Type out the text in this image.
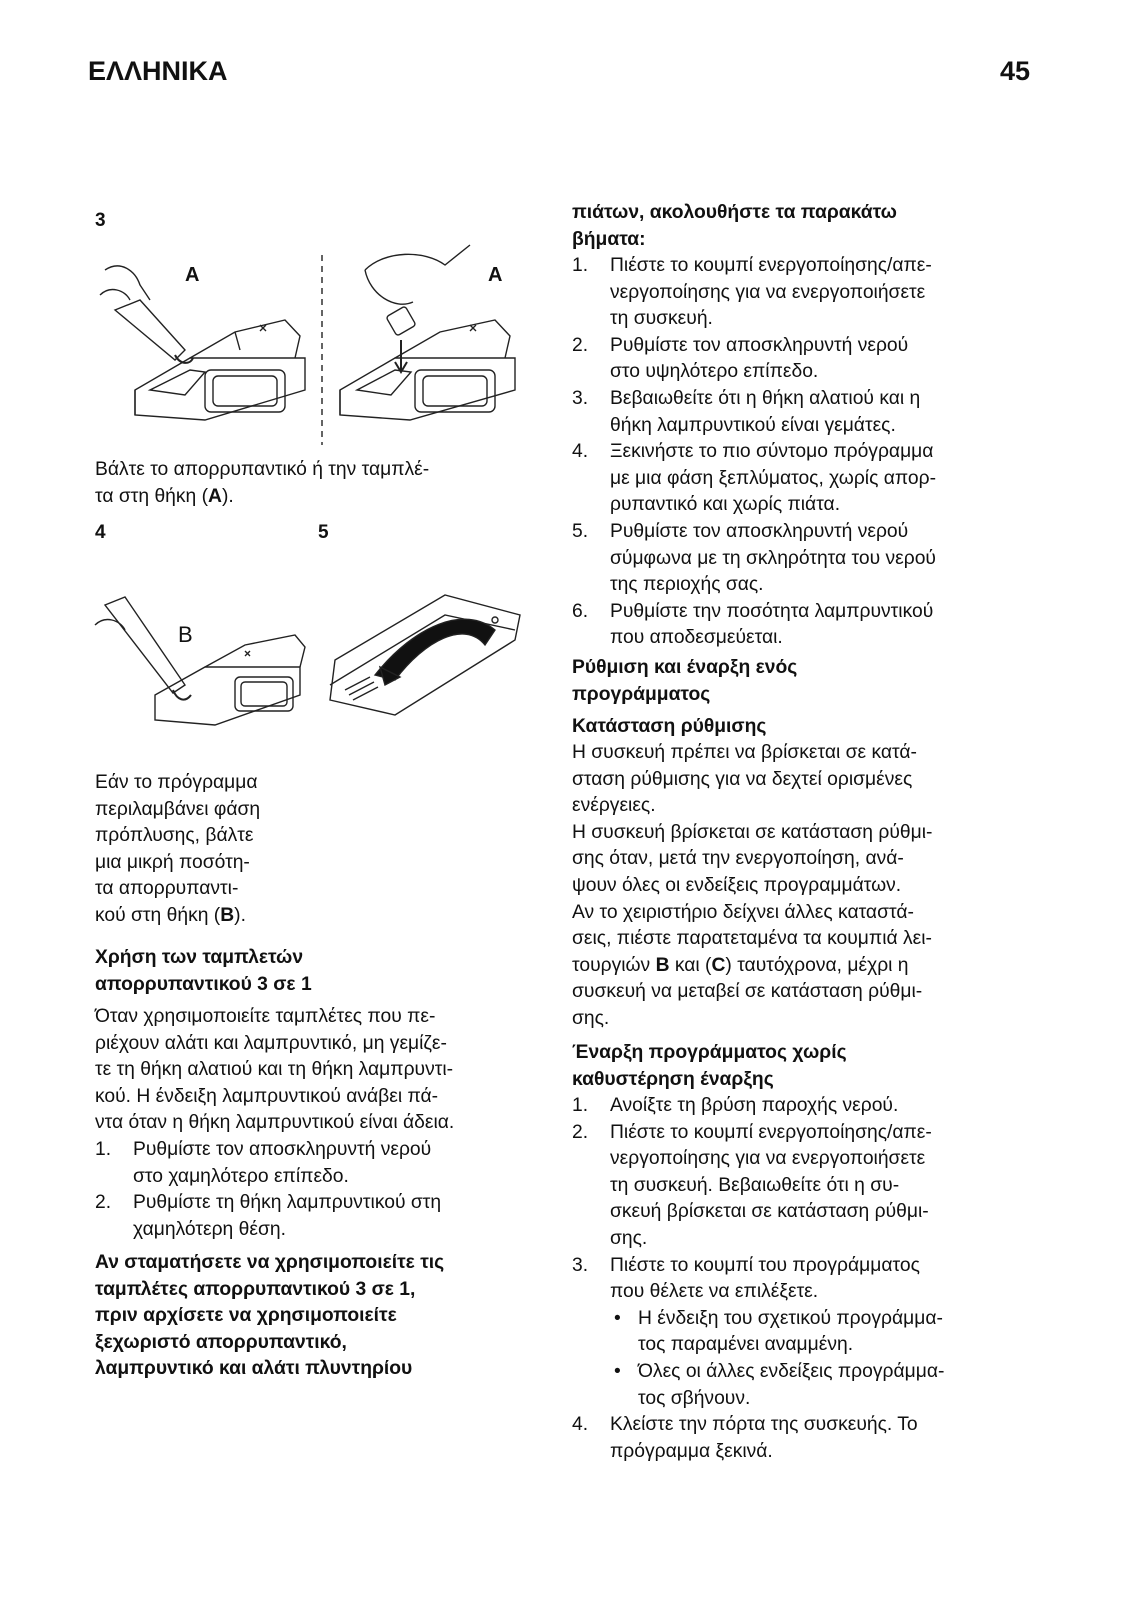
ΕΛΛΗΝΙΚΑ	45
3
A	A
Βάλτε το απορρυπαντικό ή την ταμπλέ-
τα στη θήκη (A).
4	5
B
Εάν το πρόγραμμα
περιλαμβάνει φάση
πρόπλυσης, βάλτε
μια μικρή ποσότη-
τα απορρυπαντι-
κού στη θήκη (B).
Χρήση των ταμπλετών
απορρυπαντικού 3 σε 1
Όταν χρησιμοποιείτε ταμπλέτες που πε-
ριέχουν αλάτι και λαμπρυντικό, μη γεμίζε-
τε τη θήκη αλατιού και τη θήκη λαμπρυντι-
κού. Η ένδειξη λαμπρυντικού ανάβει πά-
ντα όταν η θήκη λαμπρυντικού είναι άδεια.
1. Ρυθμίστε τον αποσκληρυντή νερού
στο χαμηλότερο επίπεδο.
2. Ρυθμίστε τη θήκη λαμπρυντικού στη
χαμηλότερη θέση.
Αν σταματήσετε να χρησιμοποιείτε τις
ταμπλέτες απορρυπαντικού 3 σε 1,
πριν αρχίσετε να χρησιμοποιείτε
ξεχωριστό απορρυπαντικό,
λαμπρυντικό και αλάτι πλυντηρίου
πιάτων, ακολουθήστε τα παρακάτω
βήματα:
1. Πιέστε το κουμπί ενεργοποίησης/απε-
νεργοποίησης για να ενεργοποιήσετε
τη συσκευή.
2. Ρυθμίστε τον αποσκληρυντή νερού
στο υψηλότερο επίπεδο.
3. Βεβαιωθείτε ότι η θήκη αλατιού και η
θήκη λαμπρυντικού είναι γεμάτες.
4. Ξεκινήστε το πιο σύντομο πρόγραμμα
με μια φάση ξεπλύματος, χωρίς απορ-
ρυπαντικό και χωρίς πιάτα.
5. Ρυθμίστε τον αποσκληρυντή νερού
σύμφωνα με τη σκληρότητα του νερού
της περιοχής σας.
6. Ρυθμίστε την ποσότητα λαμπρυντικού
που αποδεσμεύεται.
Ρύθμιση και έναρξη ενός
προγράμματος
Κατάσταση ρύθμισης
Η συσκευή πρέπει να βρίσκεται σε κατά-
σταση ρύθμισης για να δεχτεί ορισμένες
ενέργειες.
Η συσκευή βρίσκεται σε κατάσταση ρύθμι-
σης όταν, μετά την ενεργοποίηση, ανά-
ψουν όλες οι ενδείξεις προγραμμάτων.
Αν το χειριστήριο δείχνει άλλες καταστά-
σεις, πιέστε παρατεταμένα τα κουμπιά λει-
τουργιών B και (C) ταυτόχρονα, μέχρι η
συσκευή να μεταβεί σε κατάσταση ρύθμι-
σης.
Έναρξη προγράμματος χωρίς
καθυστέρηση έναρξης
1. Ανοίξτε τη βρύση παροχής νερού.
2. Πιέστε το κουμπί ενεργοποίησης/απε-
νεργοποίησης για να ενεργοποιήσετε
τη συσκευή. Βεβαιωθείτε ότι η συ-
σκευή βρίσκεται σε κατάσταση ρύθμι-
σης.
3. Πιέστε το κουμπί του προγράμματος
που θέλετε να επιλέξετε.
• Η ένδειξη του σχετικού προγράμμα-
τος παραμένει αναμμένη.
• Όλες οι άλλες ενδείξεις προγράμμα-
τος σβήνουν.
4. Κλείστε την πόρτα της συσκευής. Το
πρόγραμμα ξεκινά.
